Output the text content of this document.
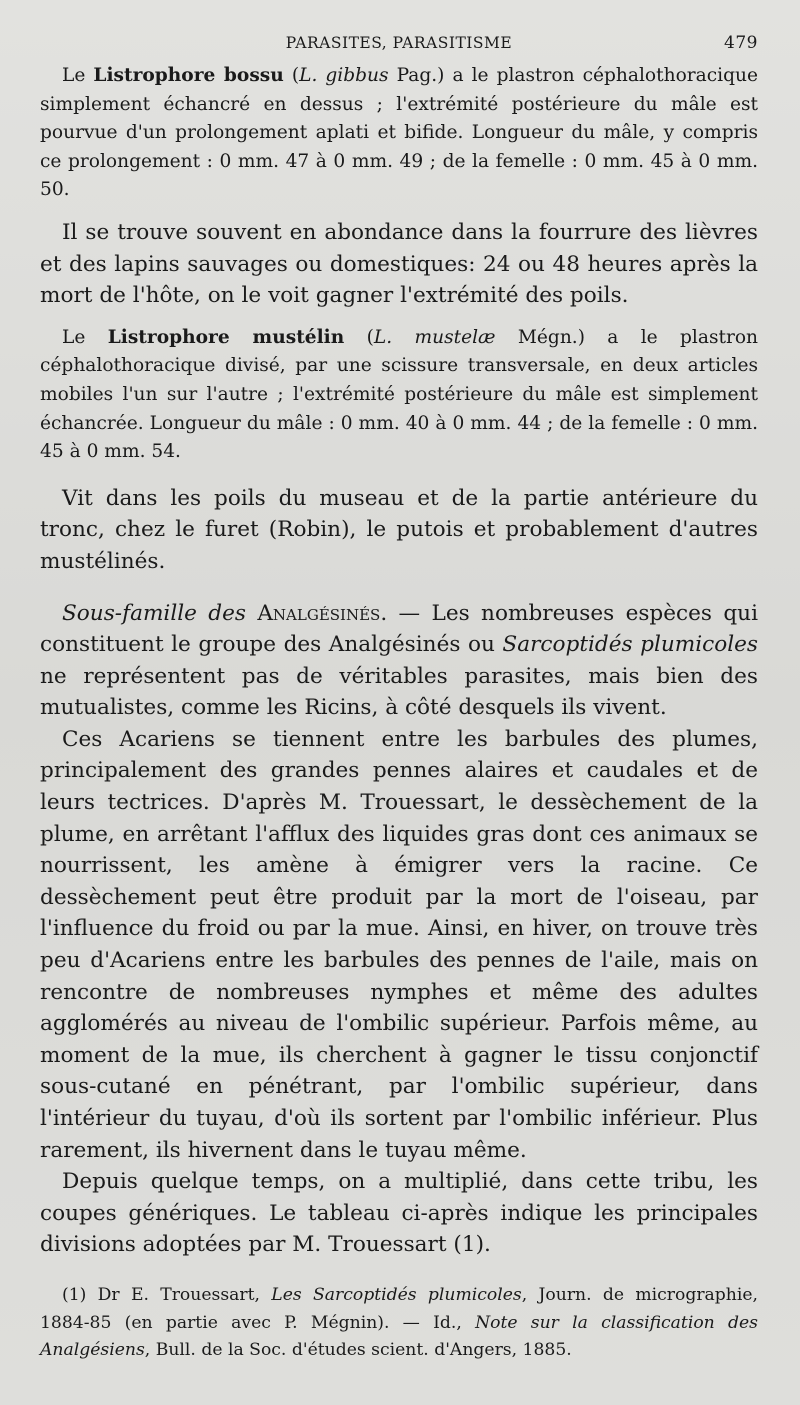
PARASITES, PARASITISME	479

Le Listrophore bossu (L. gibbus Pag.) a le plastron céphalothoracique simplement échancré en dessus ; l'extrémité postérieure du mâle est pourvue d'un prolongement aplati et bifide. Longueur du mâle, y compris ce prolongement : 0 mm. 47 à 0 mm. 49 ; de la femelle : 0 mm. 45 à 0 mm. 50.

Il se trouve souvent en abondance dans la fourrure des lièvres et des lapins sauvages ou domestiques: 24 ou 48 heures après la mort de l'hôte, on le voit gagner l'extrémité des poils.

Le Listrophore mustélin (L. mustelæ Mégn.) a le plastron céphalothoracique divisé, par une scissure transversale, en deux articles mobiles l'un sur l'autre ; l'extrémité postérieure du mâle est simplement échancrée. Longueur du mâle : 0 mm. 40 à 0 mm. 44 ; de la femelle : 0 mm. 45 à 0 mm. 54.

Vit dans les poils du museau et de la partie antérieure du tronc, chez le furet (Robin), le putois et probablement d'autres mustélinés.

Sous-famille des Analgésinés. — Les nombreuses espèces qui constituent le groupe des Analgésinés ou Sarcoptidés plumicoles ne représentent pas de véritables parasites, mais bien des mutualistes, comme les Ricins, à côté desquels ils vivent.

Ces Acariens se tiennent entre les barbules des plumes, principalement des grandes pennes alaires et caudales et de leurs tectrices. D'après M. Trouessart, le dessèchement de la plume, en arrêtant l'afflux des liquides gras dont ces animaux se nourrissent, les amène à émigrer vers la racine. Ce dessèchement peut être produit par la mort de l'oiseau, par l'influence du froid ou par la mue. Ainsi, en hiver, on trouve très peu d'Acariens entre les barbules des pennes de l'aile, mais on rencontre de nombreuses nymphes et même des adultes agglomérés au niveau de l'ombilic supérieur. Parfois même, au moment de la mue, ils cherchent à gagner le tissu conjonctif sous-cutané en pénétrant, par l'ombilic supérieur, dans l'intérieur du tuyau, d'où ils sortent par l'ombilic inférieur. Plus rarement, ils hivernent dans le tuyau même.

Depuis quelque temps, on a multiplié, dans cette tribu, les coupes génériques. Le tableau ci-après indique les principales divisions adoptées par M. Trouessart (1).

(1) Dr E. Trouessart, Les Sarcoptidés plumicoles, Journ. de micrographie, 1884-85 (en partie avec P. Mégnin). — Id., Note sur la classification des Analgésiens, Bull. de la Soc. d'études scient. d'Angers, 1885.
